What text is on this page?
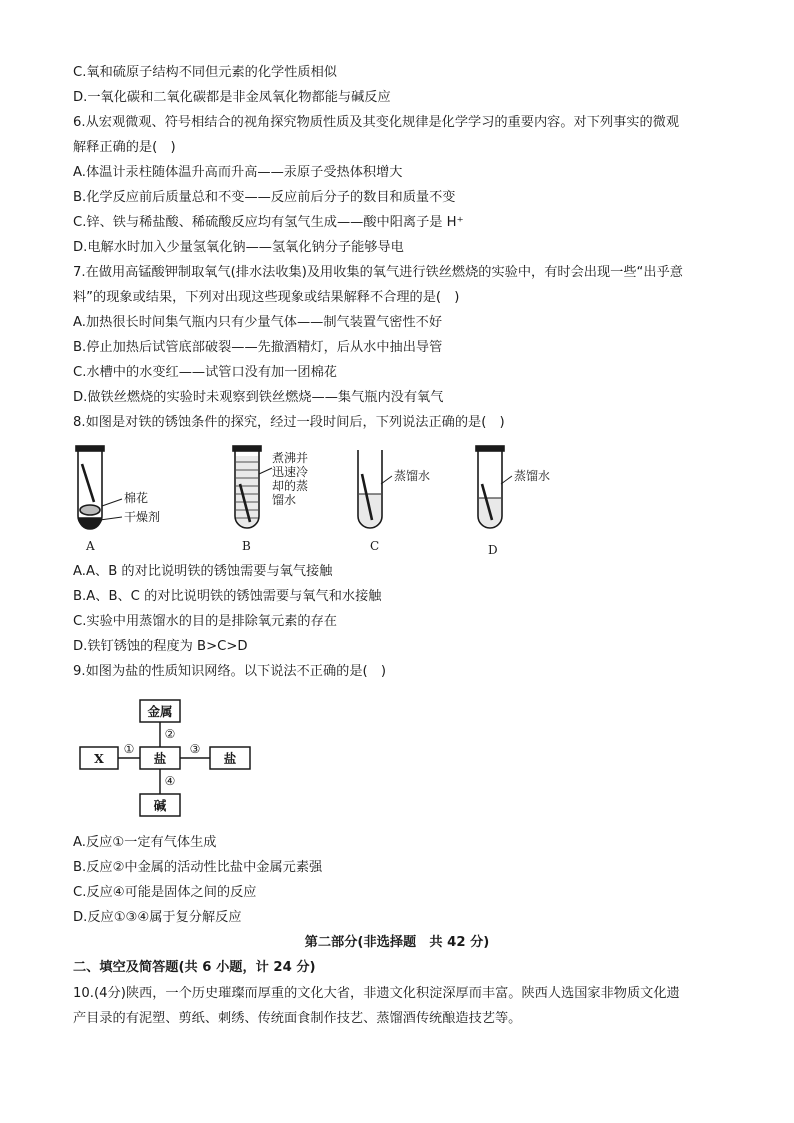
C.氧和硫原子结构不同但元素的化学性质相似
D.一氧化碳和二氧化碳都是非金凤氧化物都能与碱反应
6.从宏观微观、符号相结合的视角探究物质性质及其变化规律是化学学习的重要内容。对下列事实的微观
解释正确的是(　)
A.体温计汞柱随体温升高而升高——汞原子受热体积增大
B.化学反应前后质量总和不变——反应前后分子的数目和质量不变
C.锌、铁与稀盐酸、稀硫酸反应均有氢气生成——酸中阳离子是 H⁺
D.电解水时加入少量氢氧化钠——氢氧化钠分子能够导电
7.在做用高锰酸钾制取氧气(排水法收集)及用收集的氧气进行铁丝燃烧的实验中，有时会出现一些“出乎意
料”的现象或结果，下列对出现这些现象或结果解释不合理的是(　)
A.加热很长时间集气瓶内只有少量气体——制气装置气密性不好
B.停止加热后试管底部破裂——先撤酒精灯，后从水中抽出导管
C.水槽中的水变红——试管口没有加一团棉花
D.做铁丝燃烧的实验时未观察到铁丝燃烧——集气瓶内没有氧气
8.如图是对铁的锈蚀条件的探究，经过一段时间后，下列说法正确的是(　)
棉花
干燥剂
煮沸并
迅速冷
却的蒸
馏水
蒸馏水	蒸馏水
A	B	C	D
A.A、B 的对比说明铁的锈蚀需要与氧气接触
B.A、B、C 的对比说明铁的锈蚀需要与氧气和水接触
C.实验中用蒸馏水的目的是排除氧元素的存在
D.铁钉锈蚀的程度为 B>C>D
9.如图为盐的性质知识网络。以下说法不正确的是(　)
金属
X	盐	盐
碱
①
②
③
④
A.反应①一定有气体生成
B.反应②中金属的活动性比盐中金属元素强
C.反应④可能是固体之间的反应
D.反应①③④属于复分解反应
第二部分(非选择题　共 42 分)
二、填空及简答题(共 6 小题，计 24 分)
10.(4分)陕西，一个历史璀璨而厚重的文化大省，非遗文化积淀深厚而丰富。陕西人选国家非物质文化遗
产目录的有泥塑、剪纸、刺绣、传统面食制作技艺、蒸馏酒传统酿造技艺等。
